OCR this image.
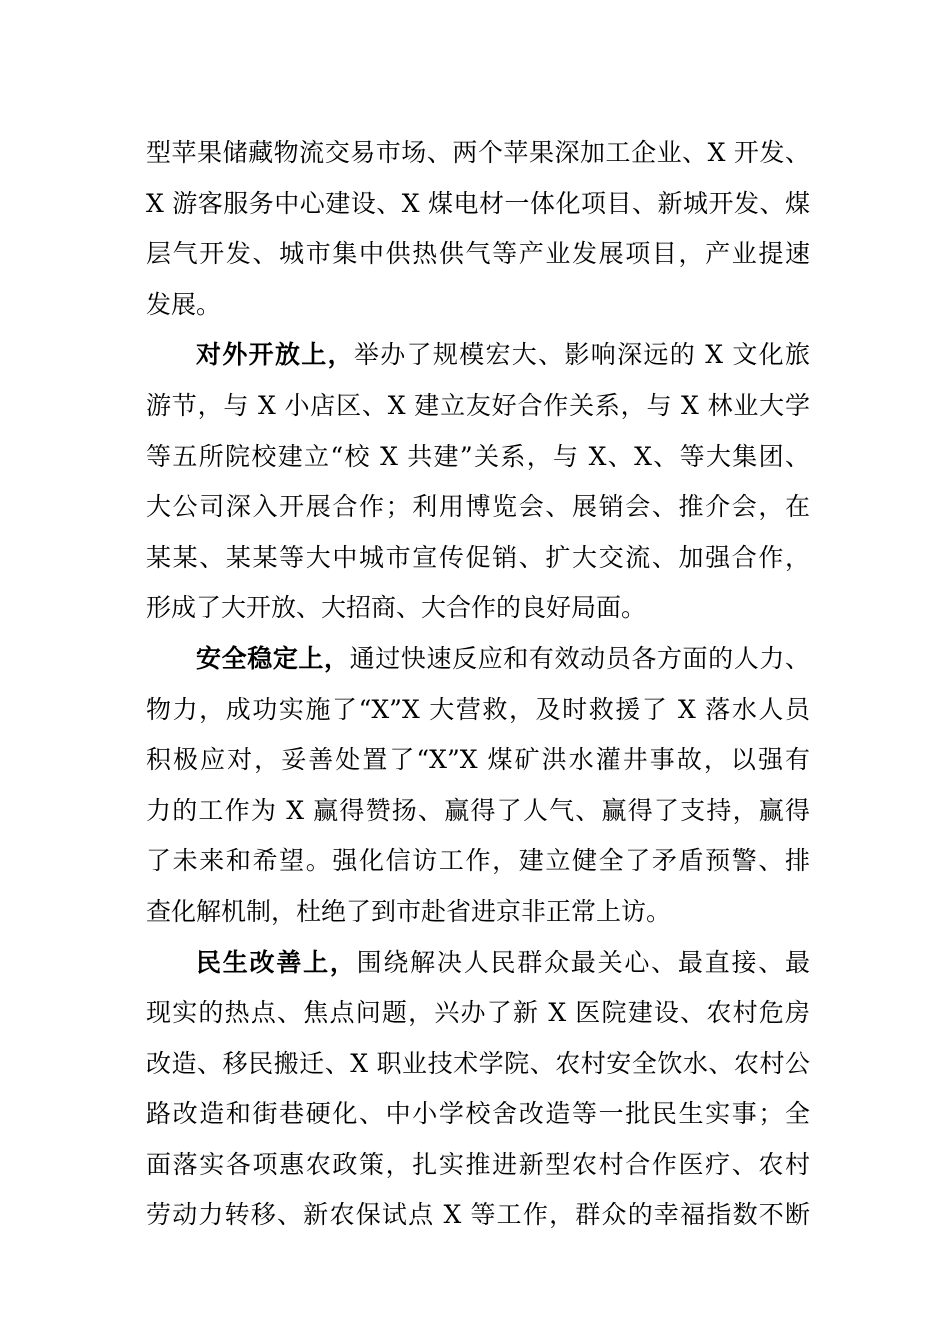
型苹果储藏物流交易市场、两个苹果深加工企业、X 开发、
X 游客服务中心建设、X 煤电材一体化项目、新城开发、煤
层气开发、城市集中供热供气等产业发展项目，产业提速
发展。
对外开放上，举办了规模宏大、影响深远的 X 文化旅
游节，与 X 小店区、X 建立友好合作关系，与 X 林业大学
等五所院校建立“校 X 共建”关系，与 X、X、等大集团、
大公司深入开展合作；利用博览会、展销会、推介会，在
某某、某某等大中城市宣传促销、扩大交流、加强合作，
形成了大开放、大招商、大合作的良好局面。
安全稳定上，通过快速反应和有效动员各方面的人力、
物力，成功实施了“X”X 大营救，及时救援了 X 落水人员
积极应对，妥善处置了“X”X 煤矿洪水灌井事故，以强有
力的工作为 X 赢得赞扬、赢得了人气、赢得了支持，赢得
了未来和希望。强化信访工作，建立健全了矛盾预警、排
查化解机制，杜绝了到市赴省进京非正常上访。
民生改善上，围绕解决人民群众最关心、最直接、最
现实的热点、焦点问题，兴办了新 X 医院建设、农村危房
改造、移民搬迁、X 职业技术学院、农村安全饮水、农村公
路改造和街巷硬化、中小学校舍改造等一批民生实事；全
面落实各项惠农政策，扎实推进新型农村合作医疗、农村
劳动力转移、新农保试点 X 等工作，群众的幸福指数不断
